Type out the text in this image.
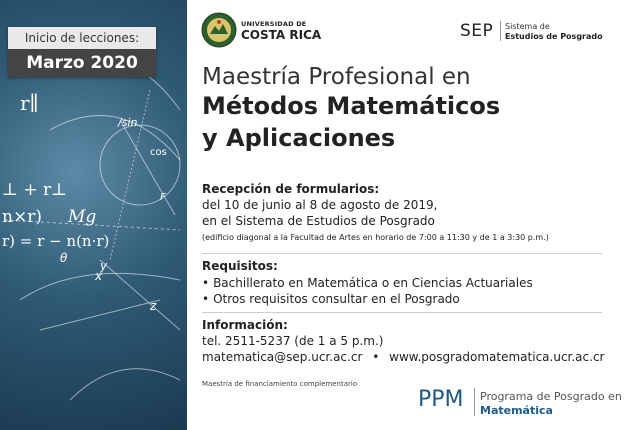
r∥
⊥ + r⊥
n×r) Mg
r) = r − n(n·r)
/sin
x
y
z
θ
cos
F
Inicio de lecciones:
Marzo 2020
UNIVERSIDAD DE
COSTA RICA	SEP Sistema de
Estudios de Posgrado
Maestría Profesional en
Métodos Matemáticos
y Aplicaciones
Recepción de formularios:
del 10 de junio al 8 de agosto de 2019,
en el Sistema de Estudios de Posgrado
(edificio diagonal a la Facultad de Artes en horario de 7:00 a 11:30 y de 1 a 3:30 p.m.)
Requisitos:
• Bachillerato en Matemática o en Ciencias Actuariales
• Otros requisitos consultar en el Posgrado
Información:
tel. 2511-5237 (de 1 a 5 p.m.)
matematica@sep.ucr.ac.cr • www.posgradomatematica.ucr.ac.cr
Maestría de financiamiento complementario
PPM Programa de Posgrado en
Matemática
